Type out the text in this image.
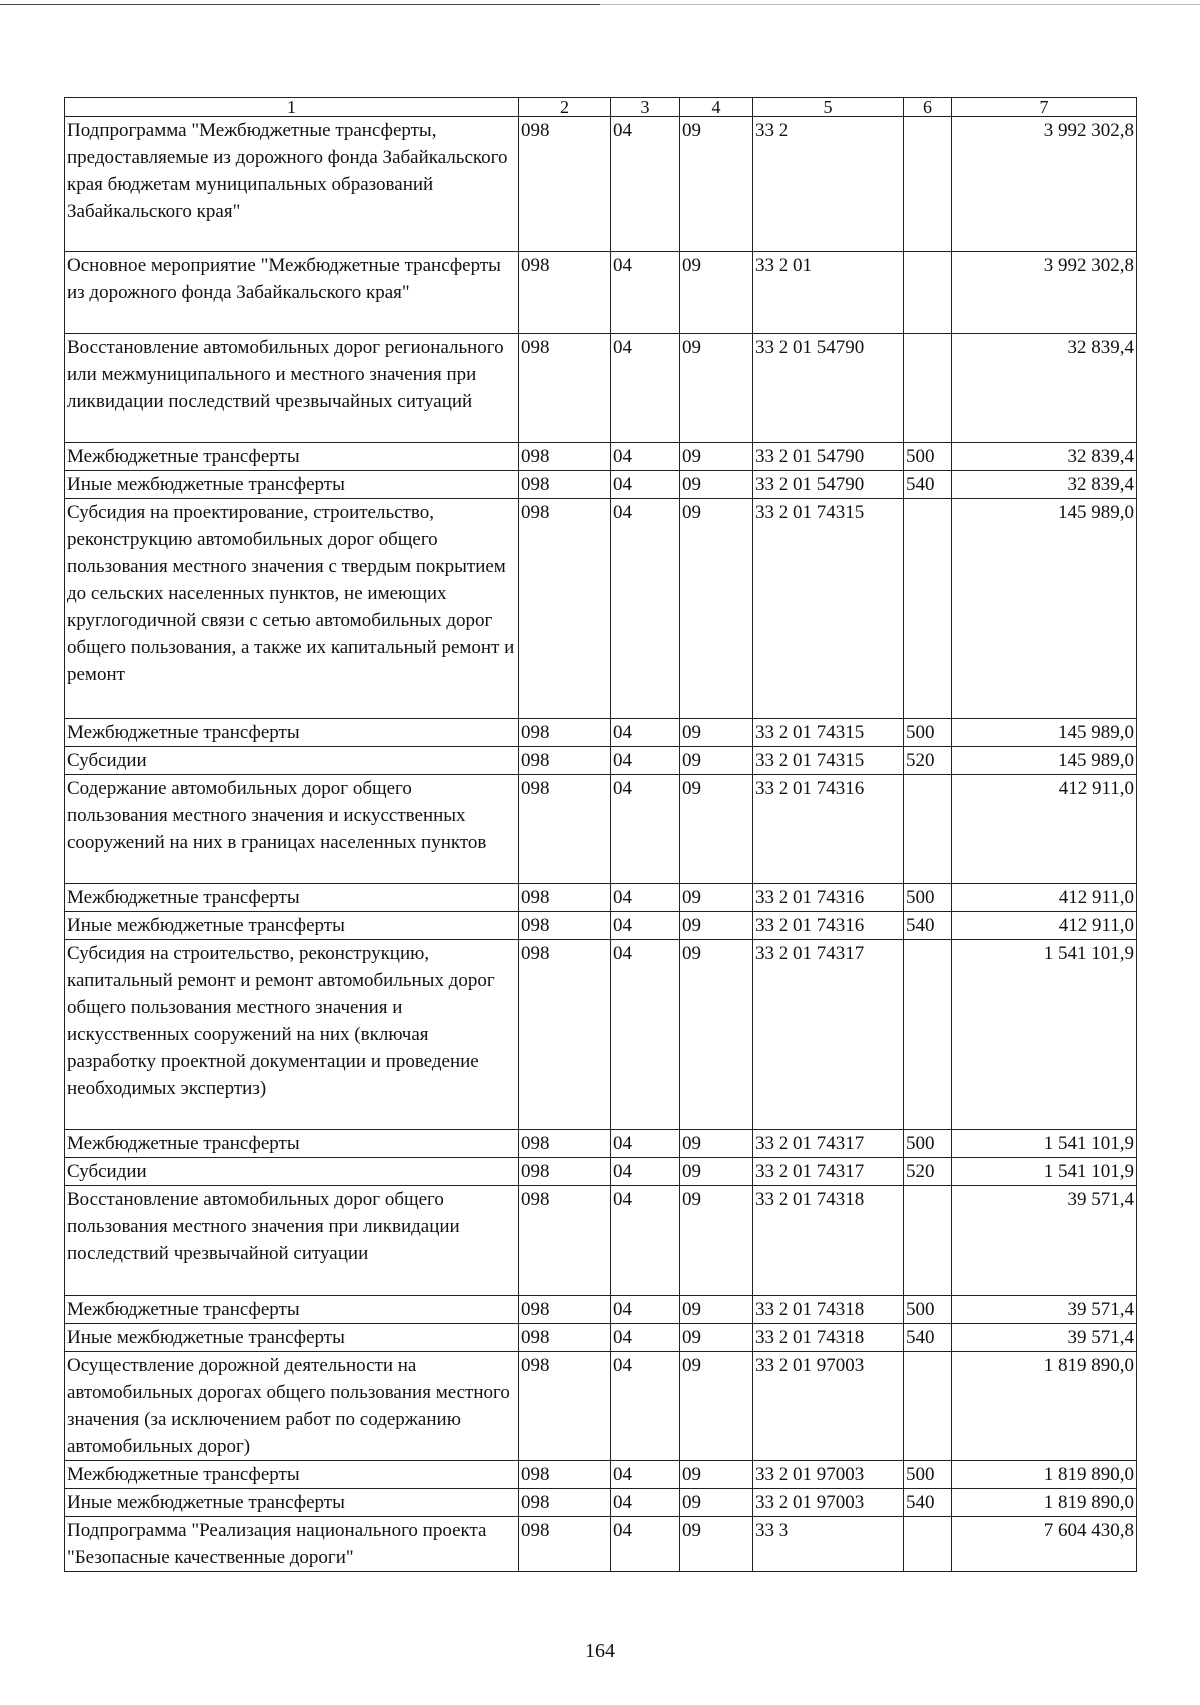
1	2	3	4	5	6	7
Подпрограмма "Межбюджетные трансферты, предоставляемые из дорожного фонда Забайкальского края бюджетам муниципальных образований Забайкальского края"	098	04	09	33 2		3 992 302,8
Основное мероприятие "Межбюджетные трансферты из дорожного фонда Забайкальского края"	098	04	09	33 2 01		3 992 302,8
Восстановление автомобильных дорог регионального или межмуниципального и местного значения при ликвидации последствий чрезвычайных ситуаций	098	04	09	33 2 01 54790		32 839,4
Межбюджетные трансферты	098	04	09	33 2 01 54790	500	32 839,4
Иные межбюджетные трансферты	098	04	09	33 2 01 54790	540	32 839,4
Субсидия на проектирование, строительство, реконструкцию автомобильных дорог общего пользования местного значения с твердым покрытием до сельских населенных пунктов, не имеющих круглогодичной связи с сетью автомобильных дорог общего пользования, а также их капитальный ремонт и ремонт	098	04	09	33 2 01 74315		145 989,0
Межбюджетные трансферты	098	04	09	33 2 01 74315	500	145 989,0
Субсидии	098	04	09	33 2 01 74315	520	145 989,0
Содержание автомобильных дорог общего пользования местного значения и искусственных сооружений на них в границах населенных пунктов	098	04	09	33 2 01 74316		412 911,0
Межбюджетные трансферты	098	04	09	33 2 01 74316	500	412 911,0
Иные межбюджетные трансферты	098	04	09	33 2 01 74316	540	412 911,0
Субсидия на строительство, реконструкцию, капитальный ремонт и ремонт автомобильных дорог общего пользования местного значения и искусственных сооружений на них (включая разработку проектной документации и проведение необходимых экспертиз)	098	04	09	33 2 01 74317		1 541 101,9
Межбюджетные трансферты	098	04	09	33 2 01 74317	500	1 541 101,9
Субсидии	098	04	09	33 2 01 74317	520	1 541 101,9
Восстановление автомобильных дорог общего пользования местного значения при ликвидации последствий чрезвычайной ситуации	098	04	09	33 2 01 74318		39 571,4
Межбюджетные трансферты	098	04	09	33 2 01 74318	500	39 571,4
Иные межбюджетные трансферты	098	04	09	33 2 01 74318	540	39 571,4
Осуществление дорожной деятельности на автомобильных дорогах общего пользования местного значения (за исключением работ по содержанию автомобильных дорог)	098	04	09	33 2 01 97003		1 819 890,0
Межбюджетные трансферты	098	04	09	33 2 01 97003	500	1 819 890,0
Иные межбюджетные трансферты	098	04	09	33 2 01 97003	540	1 819 890,0
Подпрограмма "Реализация национального проекта "Безопасные качественные дороги"	098	04	09	33 3		7 604 430,8
164
